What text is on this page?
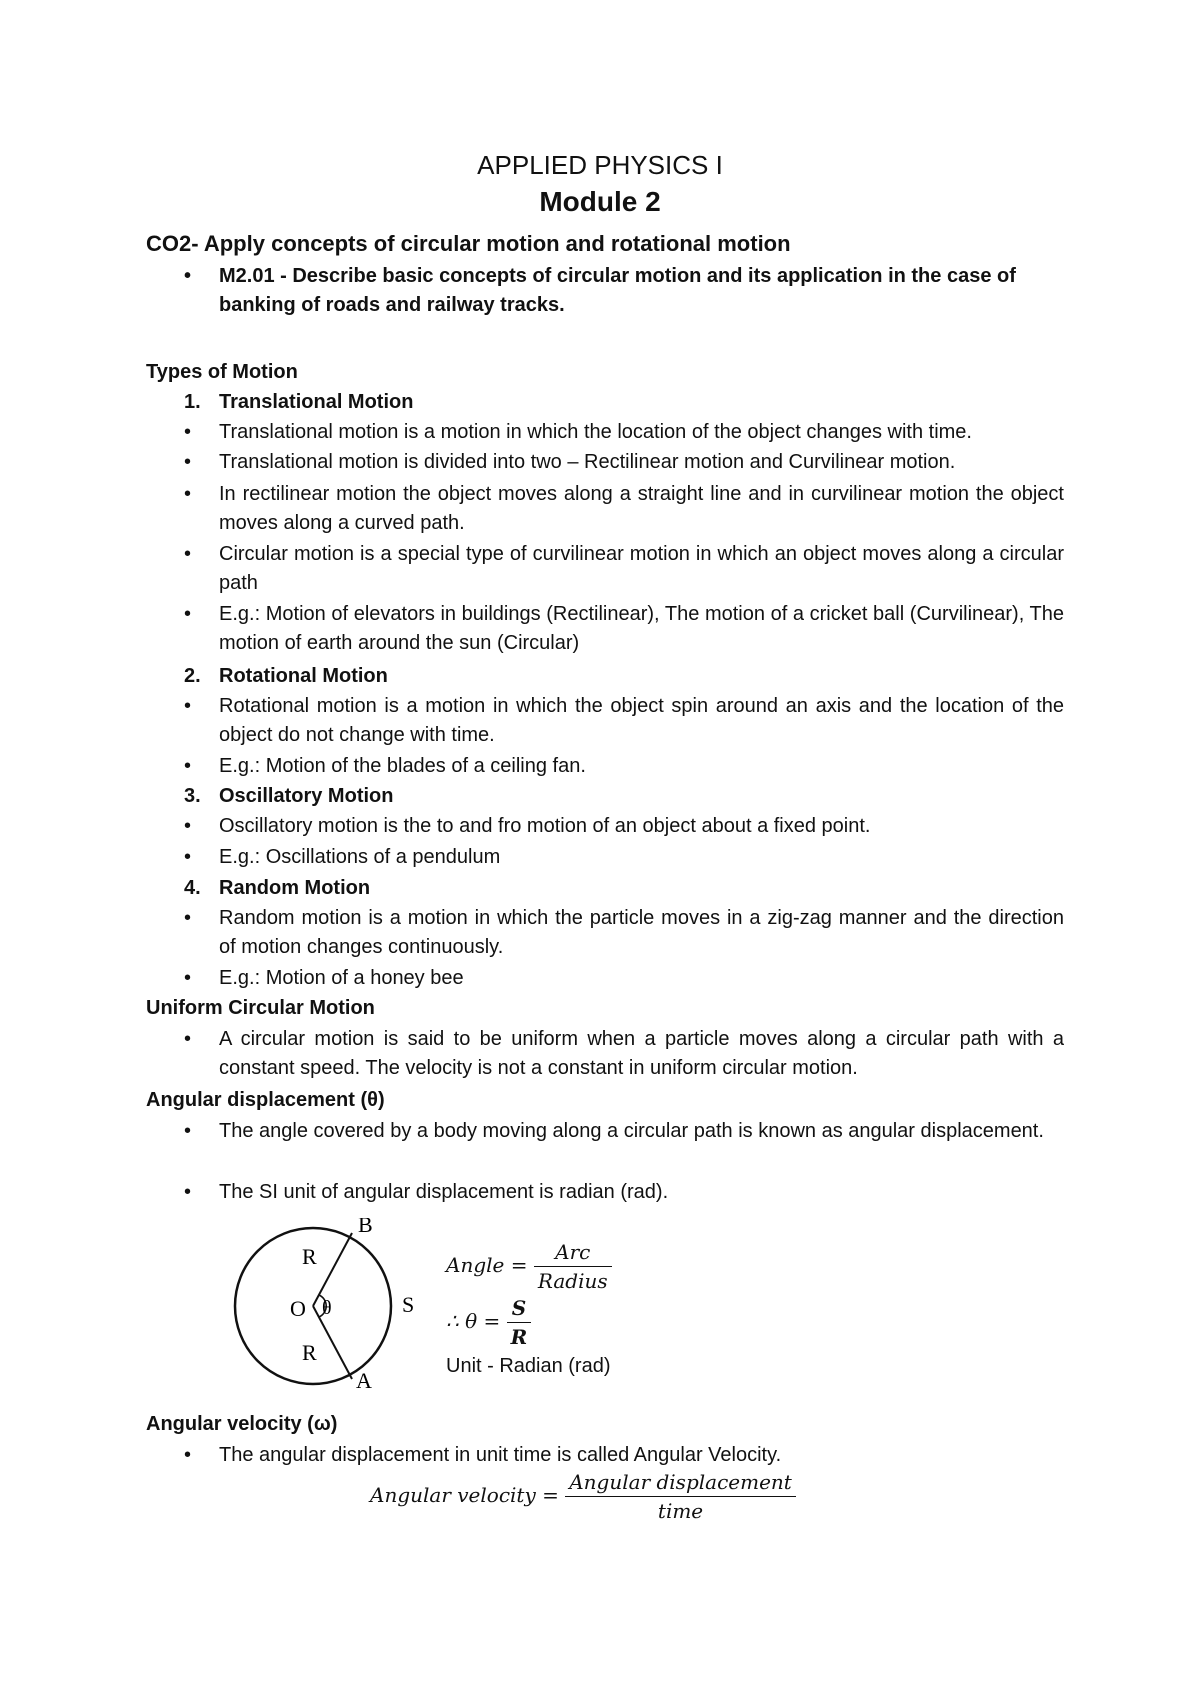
APPLIED PHYSICS I
Module 2
CO2- Apply concepts of circular motion and rotational motion
•	M2.01 - Describe basic concepts of circular motion and its application in the case of banking of roads and railway tracks.
Types of Motion
1. Translational Motion
•	Translational motion is a motion in which the location of the object changes with time.
•	Translational motion is divided into two – Rectilinear motion and Curvilinear motion.
•	In rectilinear motion the object moves along a straight line and in curvilinear motion the object moves along a curved path.
•	Circular motion is a special type of curvilinear motion in which an object moves along a circular path
•	E.g.: Motion of elevators in buildings (Rectilinear), The motion of a cricket ball (Curvilinear), The motion of earth around the sun (Circular)
2. Rotational Motion
•	Rotational motion is a motion in which the object spin around an axis and the location of the object do not change with time.
•	E.g.: Motion of the blades of a ceiling fan.
3. Oscillatory Motion
•	Oscillatory motion is the to and fro motion of an object about a fixed point.
•	E.g.: Oscillations of a pendulum
4. Random Motion
•	Random motion is a motion in which the particle moves in a zig-zag manner and the direction of motion changes continuously.
•	E.g.: Motion of a honey bee
Uniform Circular Motion
•	A circular motion is said to be uniform when a particle moves along a circular path with a constant speed. The velocity is not a constant in uniform circular motion.
Angular displacement (θ)
•	The angle covered by a body moving along a circular path is known as angular displacement.
•	The SI unit of angular displacement is radian (rad).
B
R
O θ	S
R
A
Angle = $\frac{\text{Arc}}{\text{Radius}}$
∴ $\theta = \frac{S}{R}$
Unit - Radian (rad)
Angular velocity (ω)
•	The angular displacement in unit time is called Angular Velocity.
Angular velocity = $\frac{\text{Angular displacement}}{\text{time}}$
